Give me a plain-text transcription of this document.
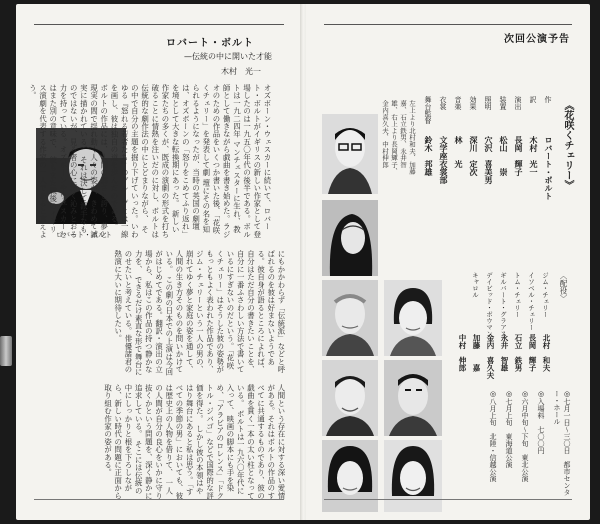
ロバート・ボルト
—伝統の中に開いた才能
木村　光一
ロバート・ボルト
オズボーン・ウェスカーに続いて、ロバート・ボルトがイギリスの新しい作家として登場したのは一九五〇年代の後半である。ボルトは一九二四年 マンチェスターに生れ、教師として働きながら戯曲を書き始めた。ラジオのための作品をいくつか書いた後、「花咲くチェリー」を発表して劇 壇にその名を知られるようになったが、当時の英国の劇壇は、オズボーンの「怒りをこめてふり返れ」を境として大きな転換期にあった。 新しい作家たちの多くが、既成の演劇の形式を打ち破ることに情熱を注いだのに対し、ボルトは伝統的な劇作法の中にとどまりながら、 その中で自分の主題を掘り下げていった。いわゆる『怒れる若者たち』のグループとは一線を画し、彼は独自の道を歩んだのである。 ボルトの作品には、人間の弱さと誇り、夢と現実の間で揺れ動く人々の姿が、きわめて誠実に描かれている。 それは決して派手なものではないが、見る者の心に深く沁みとおる力を持っている。オズボーンやウェスカーとはまた別の意味で、 彼もまた戦後のイギリス演劇を代表する作家の一人であると言えよう。
にもかかわらず「伝統派」などと呼ばれるのを彼は好まないようである。彼自身が語るところによれば、自分はただ自分の書きたいことを、 自分に一番ふさわしい方法で書いているにすぎないのだという。「花咲くチェリー」はそうした彼の姿勢がもっともよく表われた作品であり、 ジム・チェリーという一人の男の、崩れてゆく夢と家庭の姿を通して、人間の生き方そのものを問いかけている。 この劇の日本での上演は今回がはじめてである。翻訳・演出の立場から、私はこの作品の持つ静かな力を、 できるだけ素直な形で舞台にのせたいと考えている。俳優諸君の熱演に大いに期待したい。
人間という存在に対する深い愛情がある。それはボルトの作品のすべてに共通するものであり、彼の戯曲を貫く一本の太い柱となっている。 ボルトは一九六〇年代に入って、映画の脚本にも手を染め、「アラビアのロレンス」「ドクトル・ジバゴ」などで国際的な評価を得た。 しかし彼の本領はやはり舞台にあると私は思う。「すべての季節の男」においても、彼は歴史上の人物を借りて、 一人の人間が自分の良心をいかに守り抜くかという問題を、深く静かに追求している。 そこには伝統の中にしっかりと根を下ろしながら、新しい時代の問題に正面から取り組む作家の姿がある。
次回公演予告
《花咲くチェリー》
作
ロバート・ボルト
訳
木村　光一
演出
長岡　輝子
装置
松山　　崇
照明
穴沢　喜美男
効果
深川　定次
音楽
林　　光
衣裳
文学座衣裳部
舞台監督
鈴木　邦雄
左上より北村和夫、加藤嘉、石立鉄男、永井智雄、右上より長岡輝子、金内喜久夫、中村伸郎
〈配役〉
ジム・チェリー
北村　和夫
イソベル・チェリー
長岡　輝子
トム・チェリー
石立　鉄男
ギルバート・グラアス
永井　智雄
デイビッド・ボウマン
金内　喜久夫
キャロル
加藤　　嘉
中村　伸郎
◎七月一日〜三〇日　都市センター・ホール
◎入場料　七〇〇円
◎六月中旬〜下旬　東北公演
◎七月上旬　東海道公演
◎八月上旬　北陸・信越公演
